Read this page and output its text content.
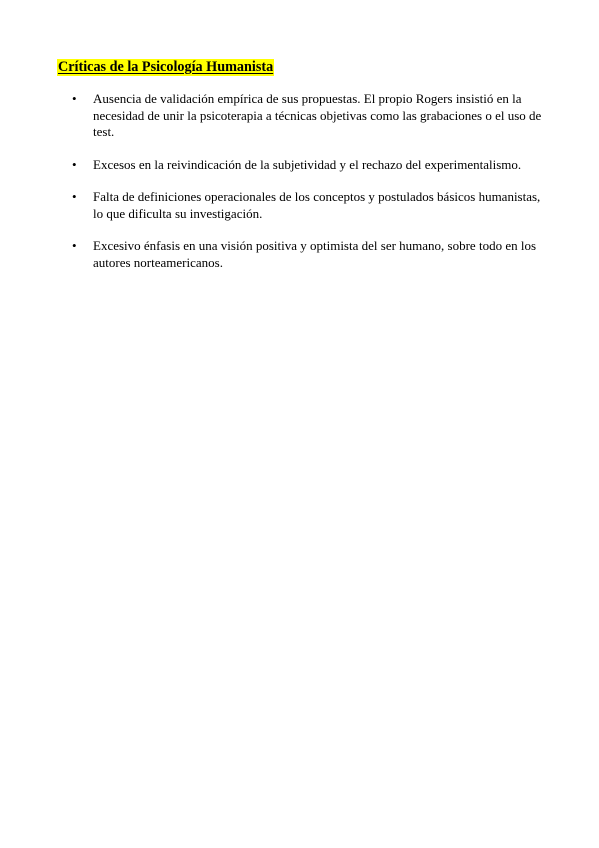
Críticas de la Psicología Humanista
• Ausencia de validación empírica de sus propuestas. El propio Rogers insistió en la necesidad de unir la psicoterapia a técnicas objetivas como las grabaciones o el uso de test.
• Excesos en la reivindicación de la subjetividad y el rechazo del experimentalismo.
• Falta de definiciones operacionales de los conceptos y postulados básicos humanistas, lo que dificulta su investigación.
• Excesivo énfasis en una visión positiva y optimista del ser humano, sobre todo en los autores norteamericanos.
